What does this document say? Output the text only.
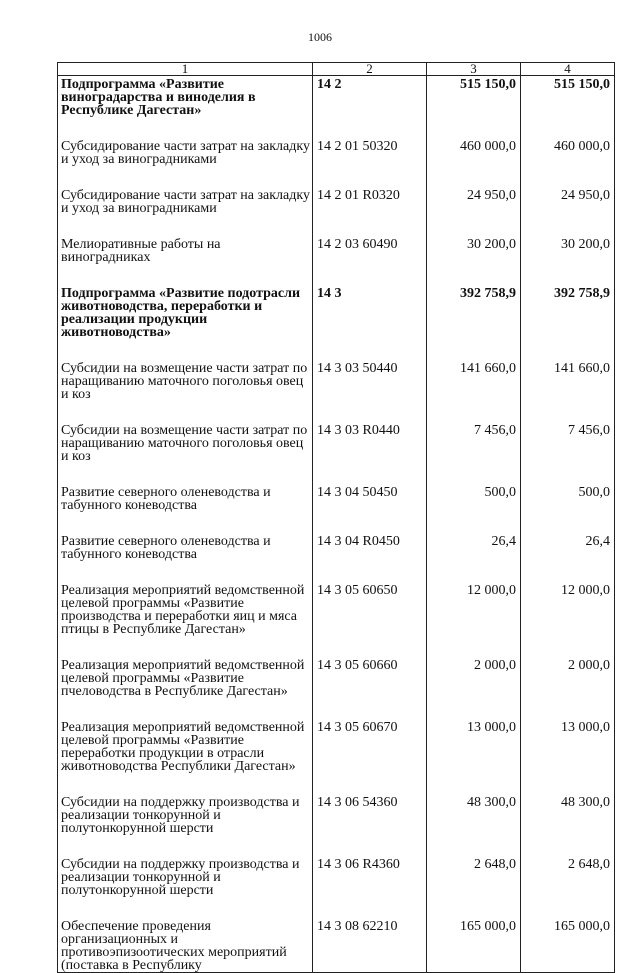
1006
1	2	3	4
Подпрограмма «Развитие виноградарства и виноделия в Республике Дагестан»	14 2	515 150,0	515 150,0
Субсидирование части затрат на закладку и уход за виноградниками	14 2 01 50320	460 000,0	460 000,0
Субсидирование части затрат на закладку и уход за виноградниками	14 2 01 R0320	24 950,0	24 950,0
Мелиоративные работы на виноградниках	14 2 03 60490	30 200,0	30 200,0
Подпрограмма «Развитие подотрасли животноводства, переработки и реализации продукции животноводства»	14 3	392 758,9	392 758,9
Субсидии на возмещение части затрат по наращиванию маточного поголовья овец и коз	14 3 03 50440	141 660,0	141 660,0
Субсидии на возмещение части затрат по наращиванию маточного поголовья овец и коз	14 3 03 R0440	7 456,0	7 456,0
Развитие северного оленеводства и табунного коневодства	14 3 04 50450	500,0	500,0
Развитие северного оленеводства и табунного коневодства	14 3 04 R0450	26,4	26,4
Реализация мероприятий ведомственной целевой программы «Развитие производства и переработки яиц и мяса птицы в Республике Дагестан»	14 3 05 60650	12 000,0	12 000,0
Реализация мероприятий ведомственной целевой программы «Развитие пчеловодства в Республике Дагестан»	14 3 05 60660	2 000,0	2 000,0
Реализация мероприятий ведомственной целевой программы «Развитие переработки продукции в отрасли животноводства Республики Дагестан»	14 3 05 60670	13 000,0	13 000,0
Субсидии на поддержку производства и реализации тонкорунной и полутонкорунной шерсти	14 3 06 54360	48 300,0	48 300,0
Субсидии на поддержку производства и реализации тонкорунной и полутонкорунной шерсти	14 3 06 R4360	2 648,0	2 648,0
Обеспечение проведения организационных и противоэпизоотических мероприятий (поставка в Республику	14 3 08 62210	165 000,0	165 000,0
